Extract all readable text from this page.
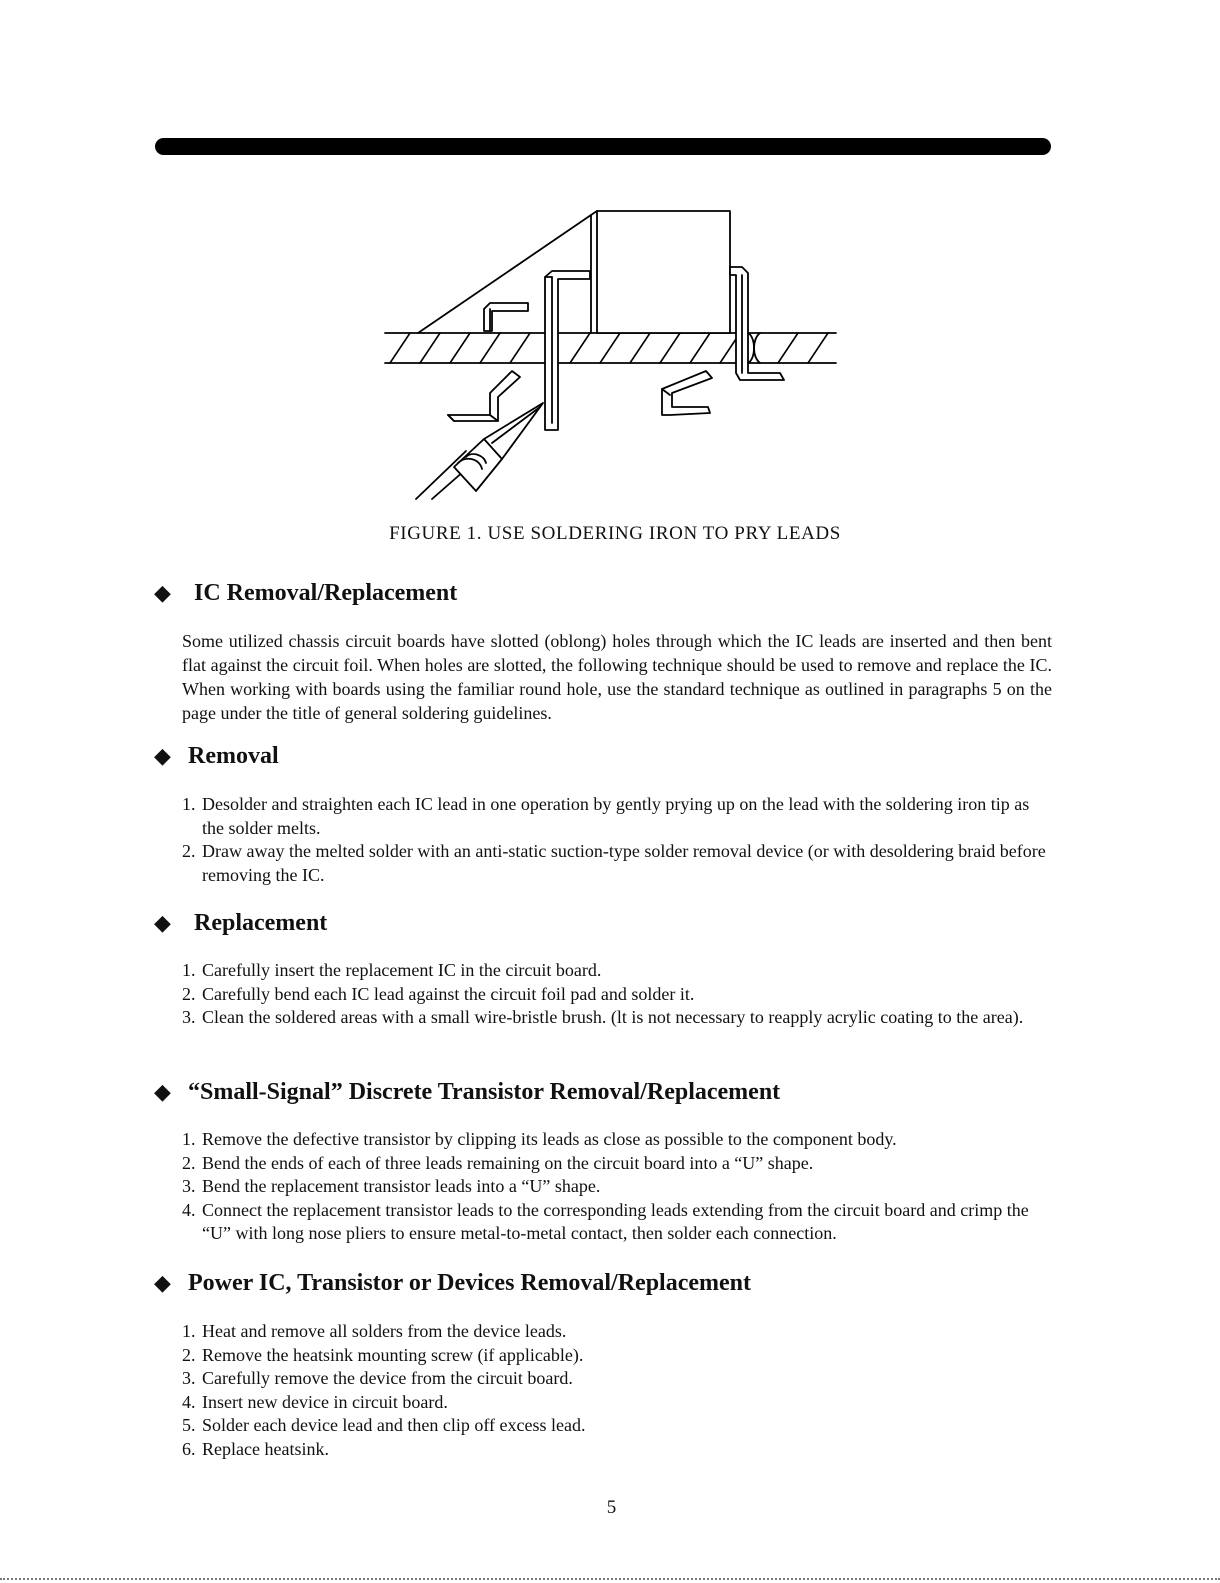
FIGURE 1. USE SOLDERING IRON TO PRY LEADS
◆ IC Removal/Replacement

Some utilized chassis circuit boards have slotted (oblong) holes through which the IC leads are inserted and then bent flat against the circuit foil. When holes are slotted, the following technique should be used to remove and replace the IC. When working with boards using the familiar round hole, use the standard technique as outlined in paragraphs 5 on the page under the title of general soldering guidelines.

◆ Removal
1. Desolder and straighten each IC lead in one operation by gently prying up on the lead with the soldering iron tip as the solder melts.
2. Draw away the melted solder with an anti-static suction-type solder removal device (or with desoldering braid before removing the IC.
◆ Replacement
1. Carefully insert the replacement IC in the circuit board.
2. Carefully bend each IC lead against the circuit foil pad and solder it.
3. Clean the soldered areas with a small wire-bristle brush. (lt is not necessary to reapply acrylic coating to the area).
◆ “Small-Signal” Discrete Transistor Removal/Replacement
1. Remove the defective transistor by clipping its leads as close as possible to the component body.
2. Bend the ends of each of three leads remaining on the circuit board into a “U” shape.
3. Bend the replacement transistor leads into a “U” shape.
4. Connect the replacement transistor leads to the corresponding leads extending from the circuit board and crimp the “U” with long nose pliers to ensure metal-to-metal contact, then solder each connection.
◆ Power IC, Transistor or Devices Removal/Replacement
1. Heat and remove all solders from the device leads.
2. Remove the heatsink mounting screw (if applicable).
3. Carefully remove the device from the circuit board.
4. Insert new device in circuit board.
5. Solder each device lead and then clip off excess lead.
6. Replace heatsink.
5
